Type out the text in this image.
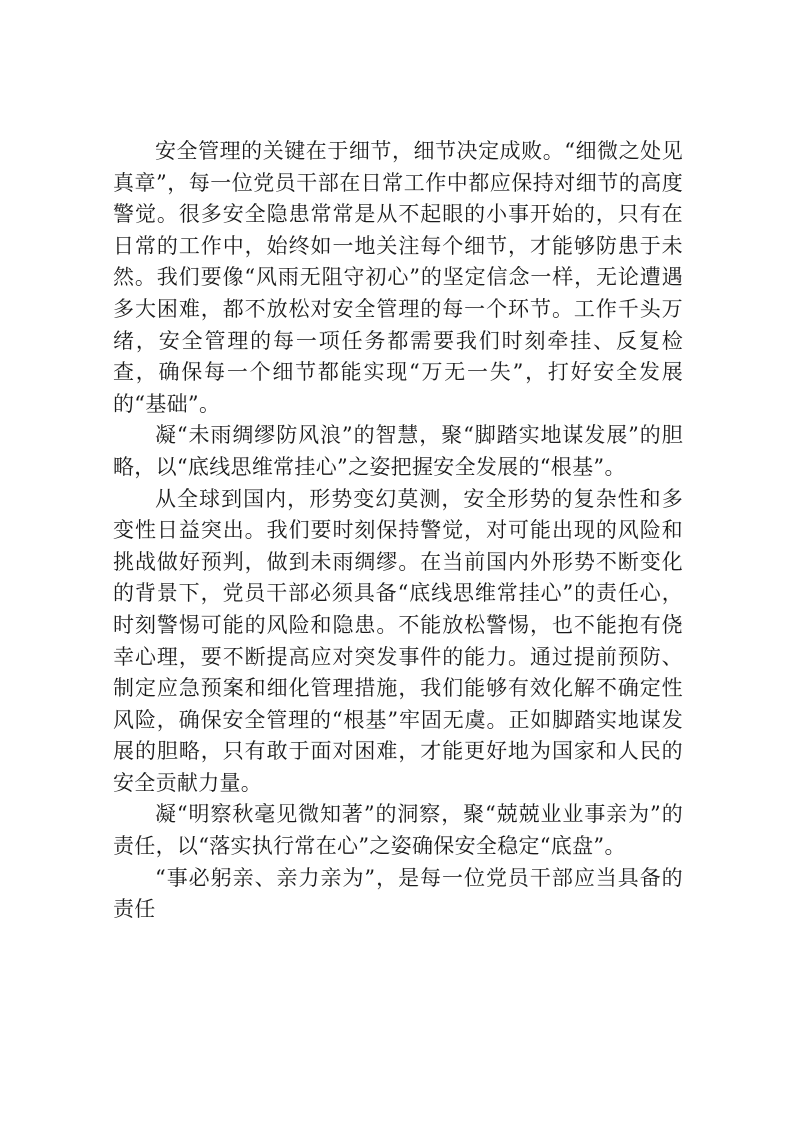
安全管理的关键在于细节，细节决定成败。“细微之处见真章”，每一位党员干部在日常工作中都应保持对细节的高度警觉。很多安全隐患常常是从不起眼的小事开始的，只有在日常的工作中，始终如一地关注每个细节，才能够防患于未然。我们要像“风雨无阻守初心”的坚定信念一样，无论遭遇多大困难，都不放松对安全管理的每一个环节。工作千头万绪，安全管理的每一项任务都需要我们时刻牵挂、反复检查，确保每一个细节都能实现“万无一失”，打好安全发展的“基础”。

凝“未雨绸缪防风浪”的智慧，聚“脚踏实地谋发展”的胆略，以“底线思维常挂心”之姿把握安全发展的“根基”。

从全球到国内，形势变幻莫测，安全形势的复杂性和多变性日益突出。我们要时刻保持警觉，对可能出现的风险和挑战做好预判，做到未雨绸缪。在当前国内外形势不断变化的背景下，党员干部必须具备“底线思维常挂心”的责任心，时刻警惕可能的风险和隐患。不能放松警惕，也不能抱有侥幸心理，要不断提高应对突发事件的能力。通过提前预防、制定应急预案和细化管理措施，我们能够有效化解不确定性风险，确保安全管理的“根基”牢固无虞。正如脚踏实地谋发展的胆略，只有敢于面对困难，才能更好地为国家和人民的安全贡献力量。

凝“明察秋毫见微知著”的洞察，聚“兢兢业业事亲为”的责任，以“落实执行常在心”之姿确保安全稳定“底盘”。

“事必躬亲、亲力亲为”，是每一位党员干部应当具备的责任
